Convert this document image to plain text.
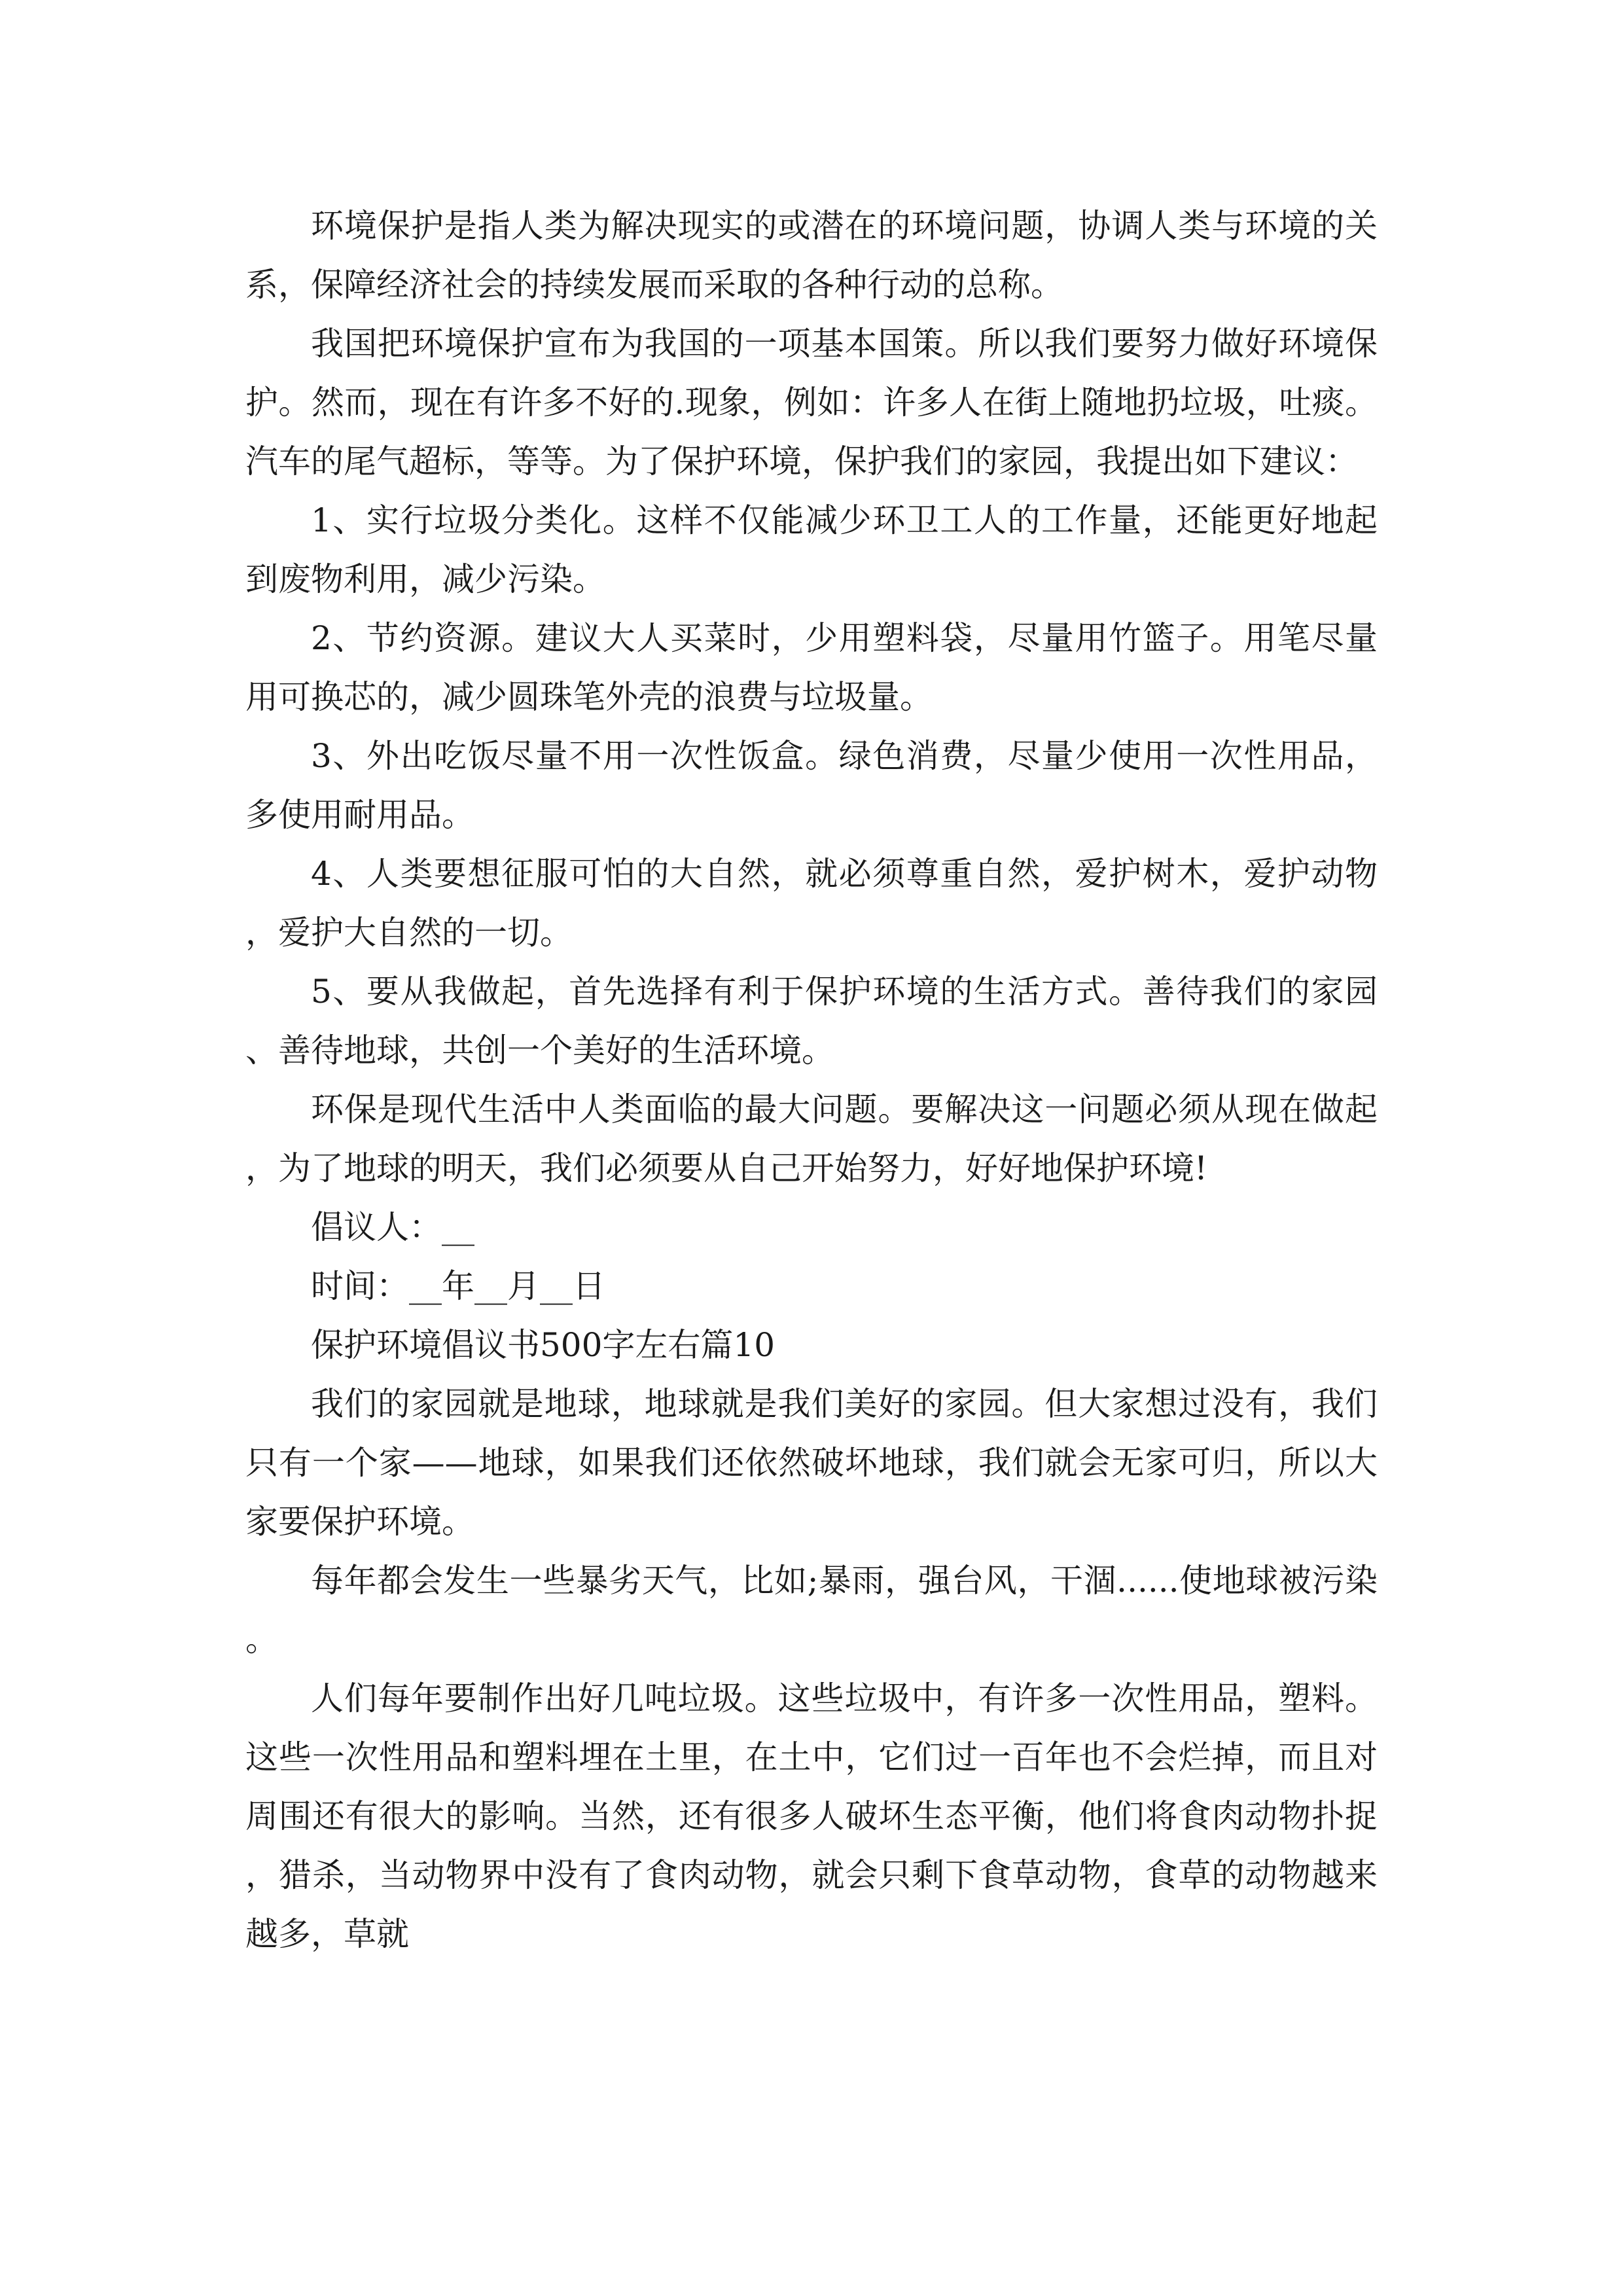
环境保护是指人类为解决现实的或潜在的环境问题，协调人类与环境的关系，保障经济社会的持续发展而采取的各种行动的总称。

我国把环境保护宣布为我国的一项基本国策。所以我们要努力做好环境保护。然而，现在有许多不好的.现象，例如：许多人在街上随地扔垃圾，吐痰。汽车的尾气超标，等等。为了保护环境，保护我们的家园，我提出如下建议：

1、实行垃圾分类化。这样不仅能减少环卫工人的工作量，还能更好地起到废物利用，减少污染。

2、节约资源。建议大人买菜时，少用塑料袋，尽量用竹篮子。用笔尽量用可换芯的，减少圆珠笔外壳的浪费与垃圾量。

3、外出吃饭尽量不用一次性饭盒。绿色消费，尽量少使用一次性用品，多使用耐用品。

4、人类要想征服可怕的大自然，就必须尊重自然，爱护树木，爱护动物，爱护大自然的一切。

5、要从我做起，首先选择有利于保护环境的生活方式。善待我们的家园、善待地球，共创一个美好的生活环境。

环保是现代生活中人类面临的最大问题。要解决这一问题必须从现在做起，为了地球的明天，我们必须要从自己开始努力，好好地保护环境!

倡议人：__

时间：__年__月__日

保护环境倡议书500字左右篇10

我们的家园就是地球，地球就是我们美好的家园。但大家想过没有，我们只有一个家——地球，如果我们还依然破坏地球，我们就会无家可归，所以大家要保护环境。

每年都会发生一些暴劣天气，比如;暴雨，强台风，干涸......使地球被污染。

人们每年要制作出好几吨垃圾。这些垃圾中，有许多一次性用品，塑料。这些一次性用品和塑料埋在土里，在土中，它们过一百年也不会烂掉，而且对周围还有很大的影响。当然，还有很多人破坏生态平衡，他们将食肉动物扑捉，猎杀，当动物界中没有了食肉动物，就会只剩下食草动物，食草的动物越来越多，草就
